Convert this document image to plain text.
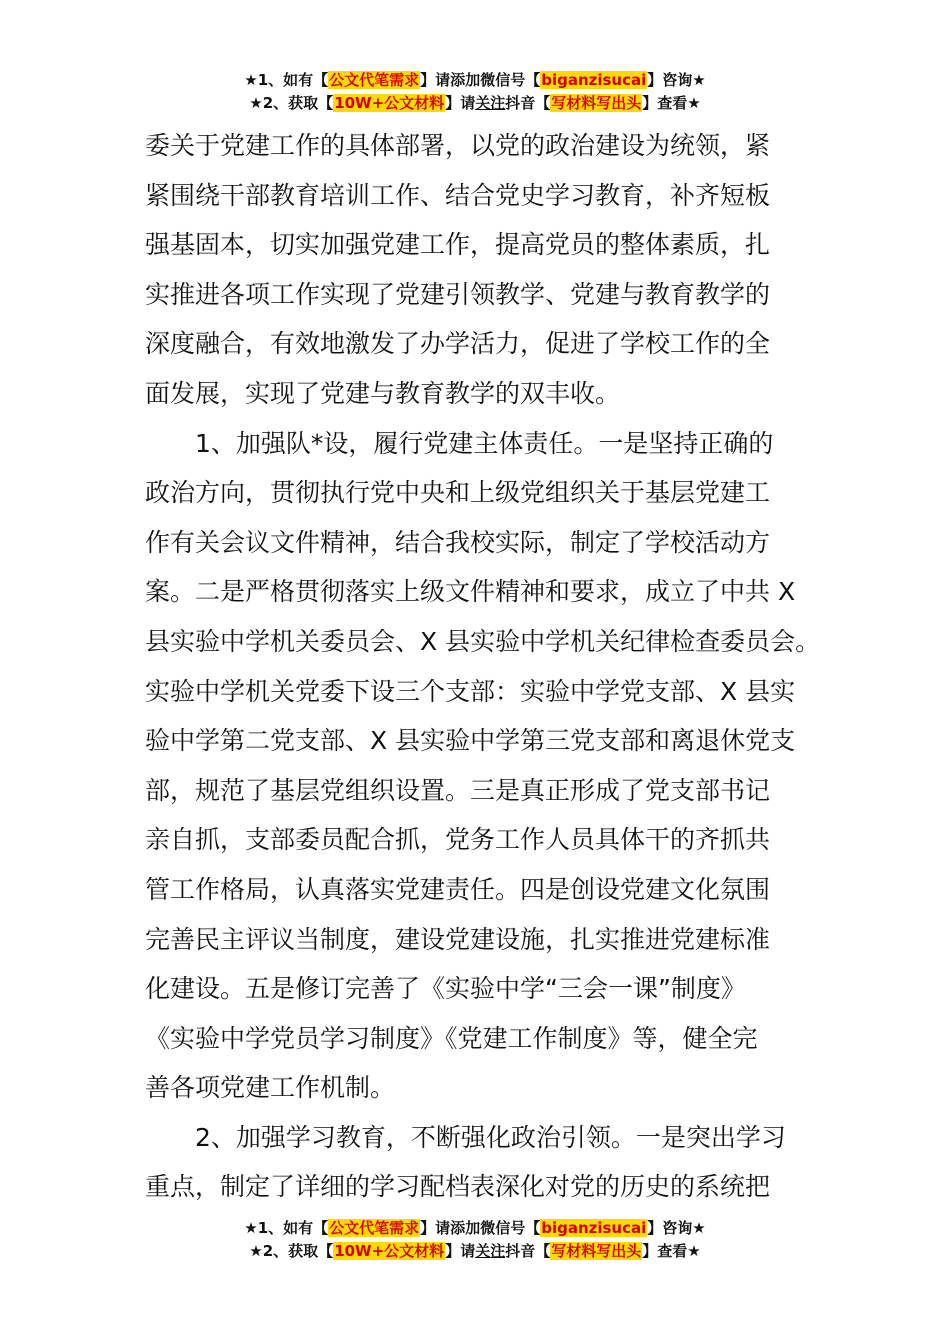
★1、如有【公文代笔需求】请添加微信号【biganzisucai】咨询★
★2、获取【10W+公文材料】请关注抖音【写材料写出头】查看★

委关于党建工作的具体部署，以党的政治建设为统领，紧

紧围绕干部教育培训工作、结合党史学习教育，补齐短板

强基固本，切实加强党建工作，提高党员的整体素质，扎

实推进各项工作实现了党建引领教学、党建与教育教学的

深度融合，有效地激发了办学活力，促进了学校工作的全

面发展，实现了党建与教育教学的双丰收。

1、加强队*设，履行党建主体责任。一是坚持正确的

政治方向，贯彻执行党中央和上级党组织关于基层党建工

作有关会议文件精神，结合我校实际，制定了学校活动方

案。二是严格贯彻落实上级文件精神和要求，成立了中共 X

县实验中学机关委员会、X 县实验中学机关纪律检查委员会。

实验中学机关党委下设三个支部：实验中学党支部、X 县实

验中学第二党支部、X 县实验中学第三党支部和离退休党支

部，规范了基层党组织设置。三是真正形成了党支部书记

亲自抓，支部委员配合抓，党务工作人员具体干的齐抓共

管工作格局，认真落实党建责任。四是创设党建文化氛围

完善民主评议当制度，建设党建设施，扎实推进党建标准

化建设。五是修订完善了《实验中学“三会一课”制度》

《实验中学党员学习制度》《党建工作制度》等，健全完

善各项党建工作机制。

2、加强学习教育，不断强化政治引领。一是突出学习

重点，制定了详细的学习配档表深化对党的历史的系统把

★1、如有【公文代笔需求】请添加微信号【biganzisucai】咨询★
★2、获取【10W+公文材料】请关注抖音【写材料写出头】查看★
